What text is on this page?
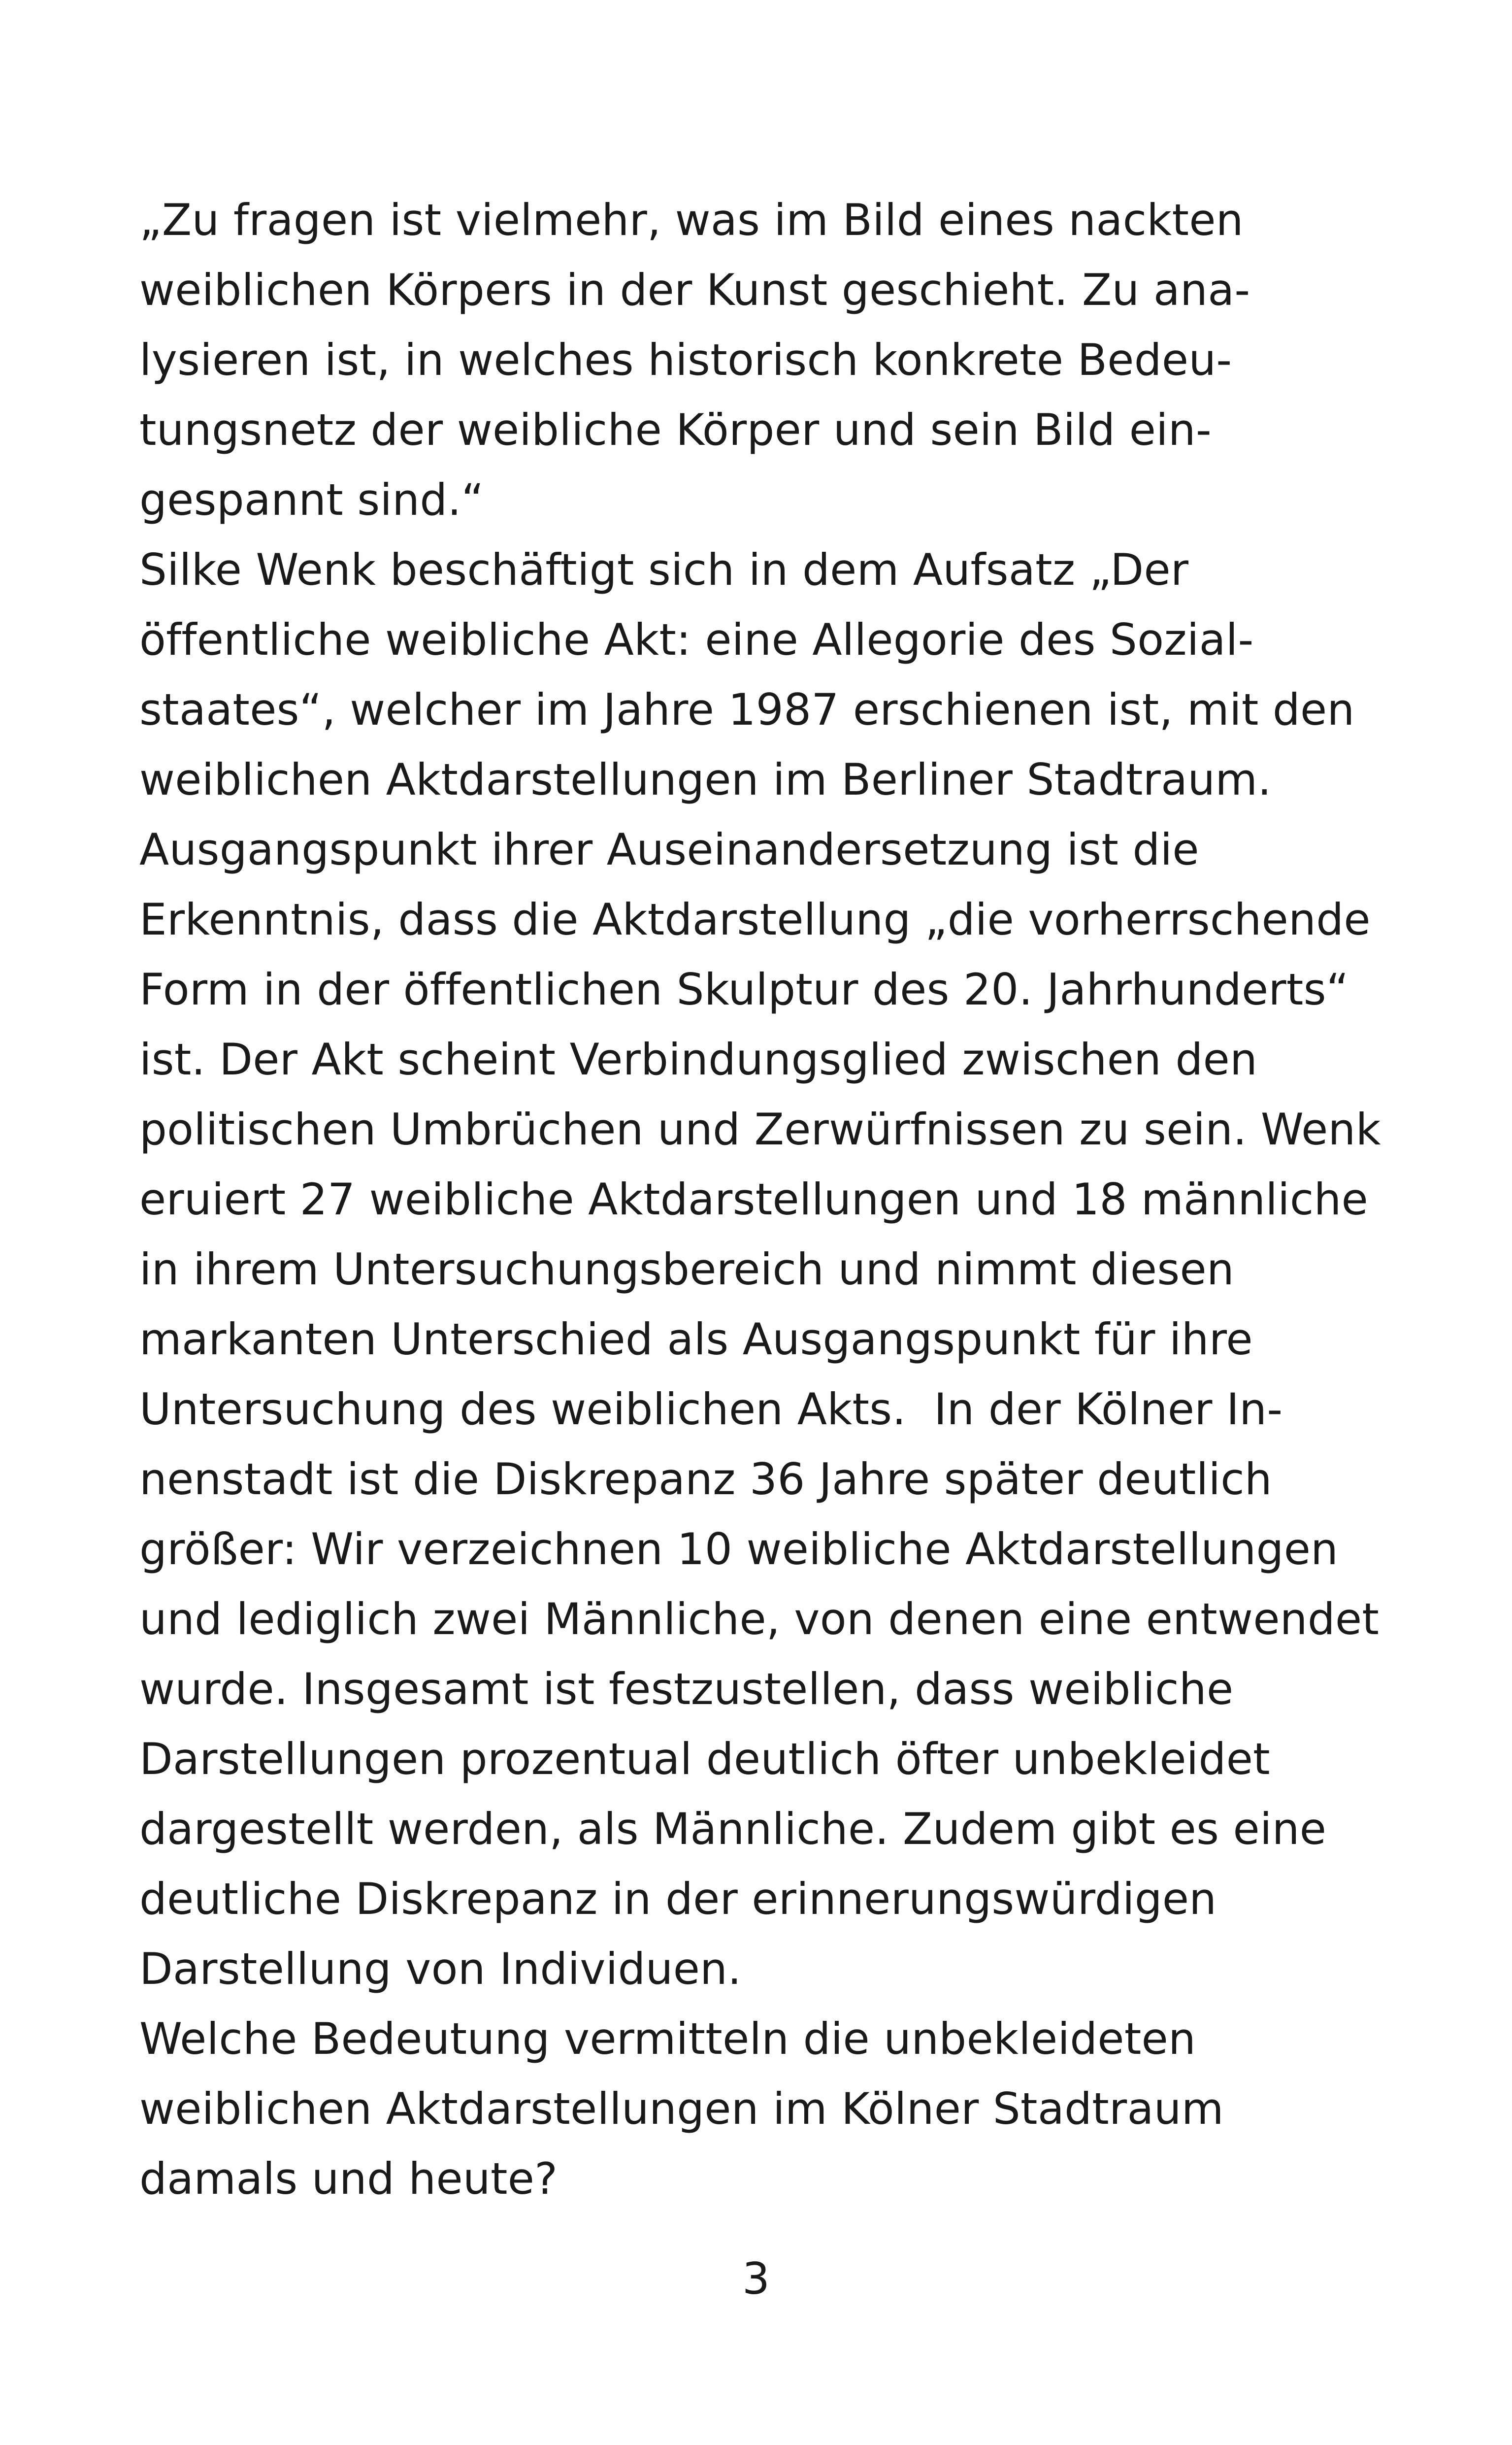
„Zu fragen ist vielmehr, was im Bild eines nackten
weiblichen Körpers in der Kunst geschieht. Zu ana-
lysieren ist, in welches historisch konkrete Bedeu-
tungsnetz der weibliche Körper und sein Bild ein-
gespannt sind.“
Silke Wenk beschäftigt sich in dem Aufsatz „Der
öffentliche weibliche Akt: eine Allegorie des Sozial-
staates“, welcher im Jahre 1987 erschienen ist, mit den
weiblichen Aktdarstellungen im Berliner Stadtraum.
Ausgangspunkt ihrer Auseinandersetzung ist die
Erkenntnis, dass die Aktdarstellung „die vorherrschende
Form in der öffentlichen Skulptur des 20. Jahrhunderts“
ist. Der Akt scheint Verbindungsglied zwischen den
politischen Umbrüchen und Zerwürfnissen zu sein. Wenk
eruiert 27 weibliche Aktdarstellungen und 18 männliche
in ihrem Untersuchungsbereich und nimmt diesen
markanten Unterschied als Ausgangspunkt für ihre
Untersuchung des weiblichen Akts.  In der Kölner In-
nenstadt ist die Diskrepanz 36 Jahre später deutlich
größer: Wir verzeichnen 10 weibliche Aktdarstellungen
und lediglich zwei Männliche, von denen eine entwendet
wurde. Insgesamt ist festzustellen, dass weibliche
Darstellungen prozentual deutlich öfter unbekleidet
dargestellt werden, als Männliche. Zudem gibt es eine
deutliche Diskrepanz in der erinnerungswürdigen
Darstellung von Individuen.
Welche Bedeutung vermitteln die unbekleideten
weiblichen Aktdarstellungen im Kölner Stadtraum
damals und heute?
3
